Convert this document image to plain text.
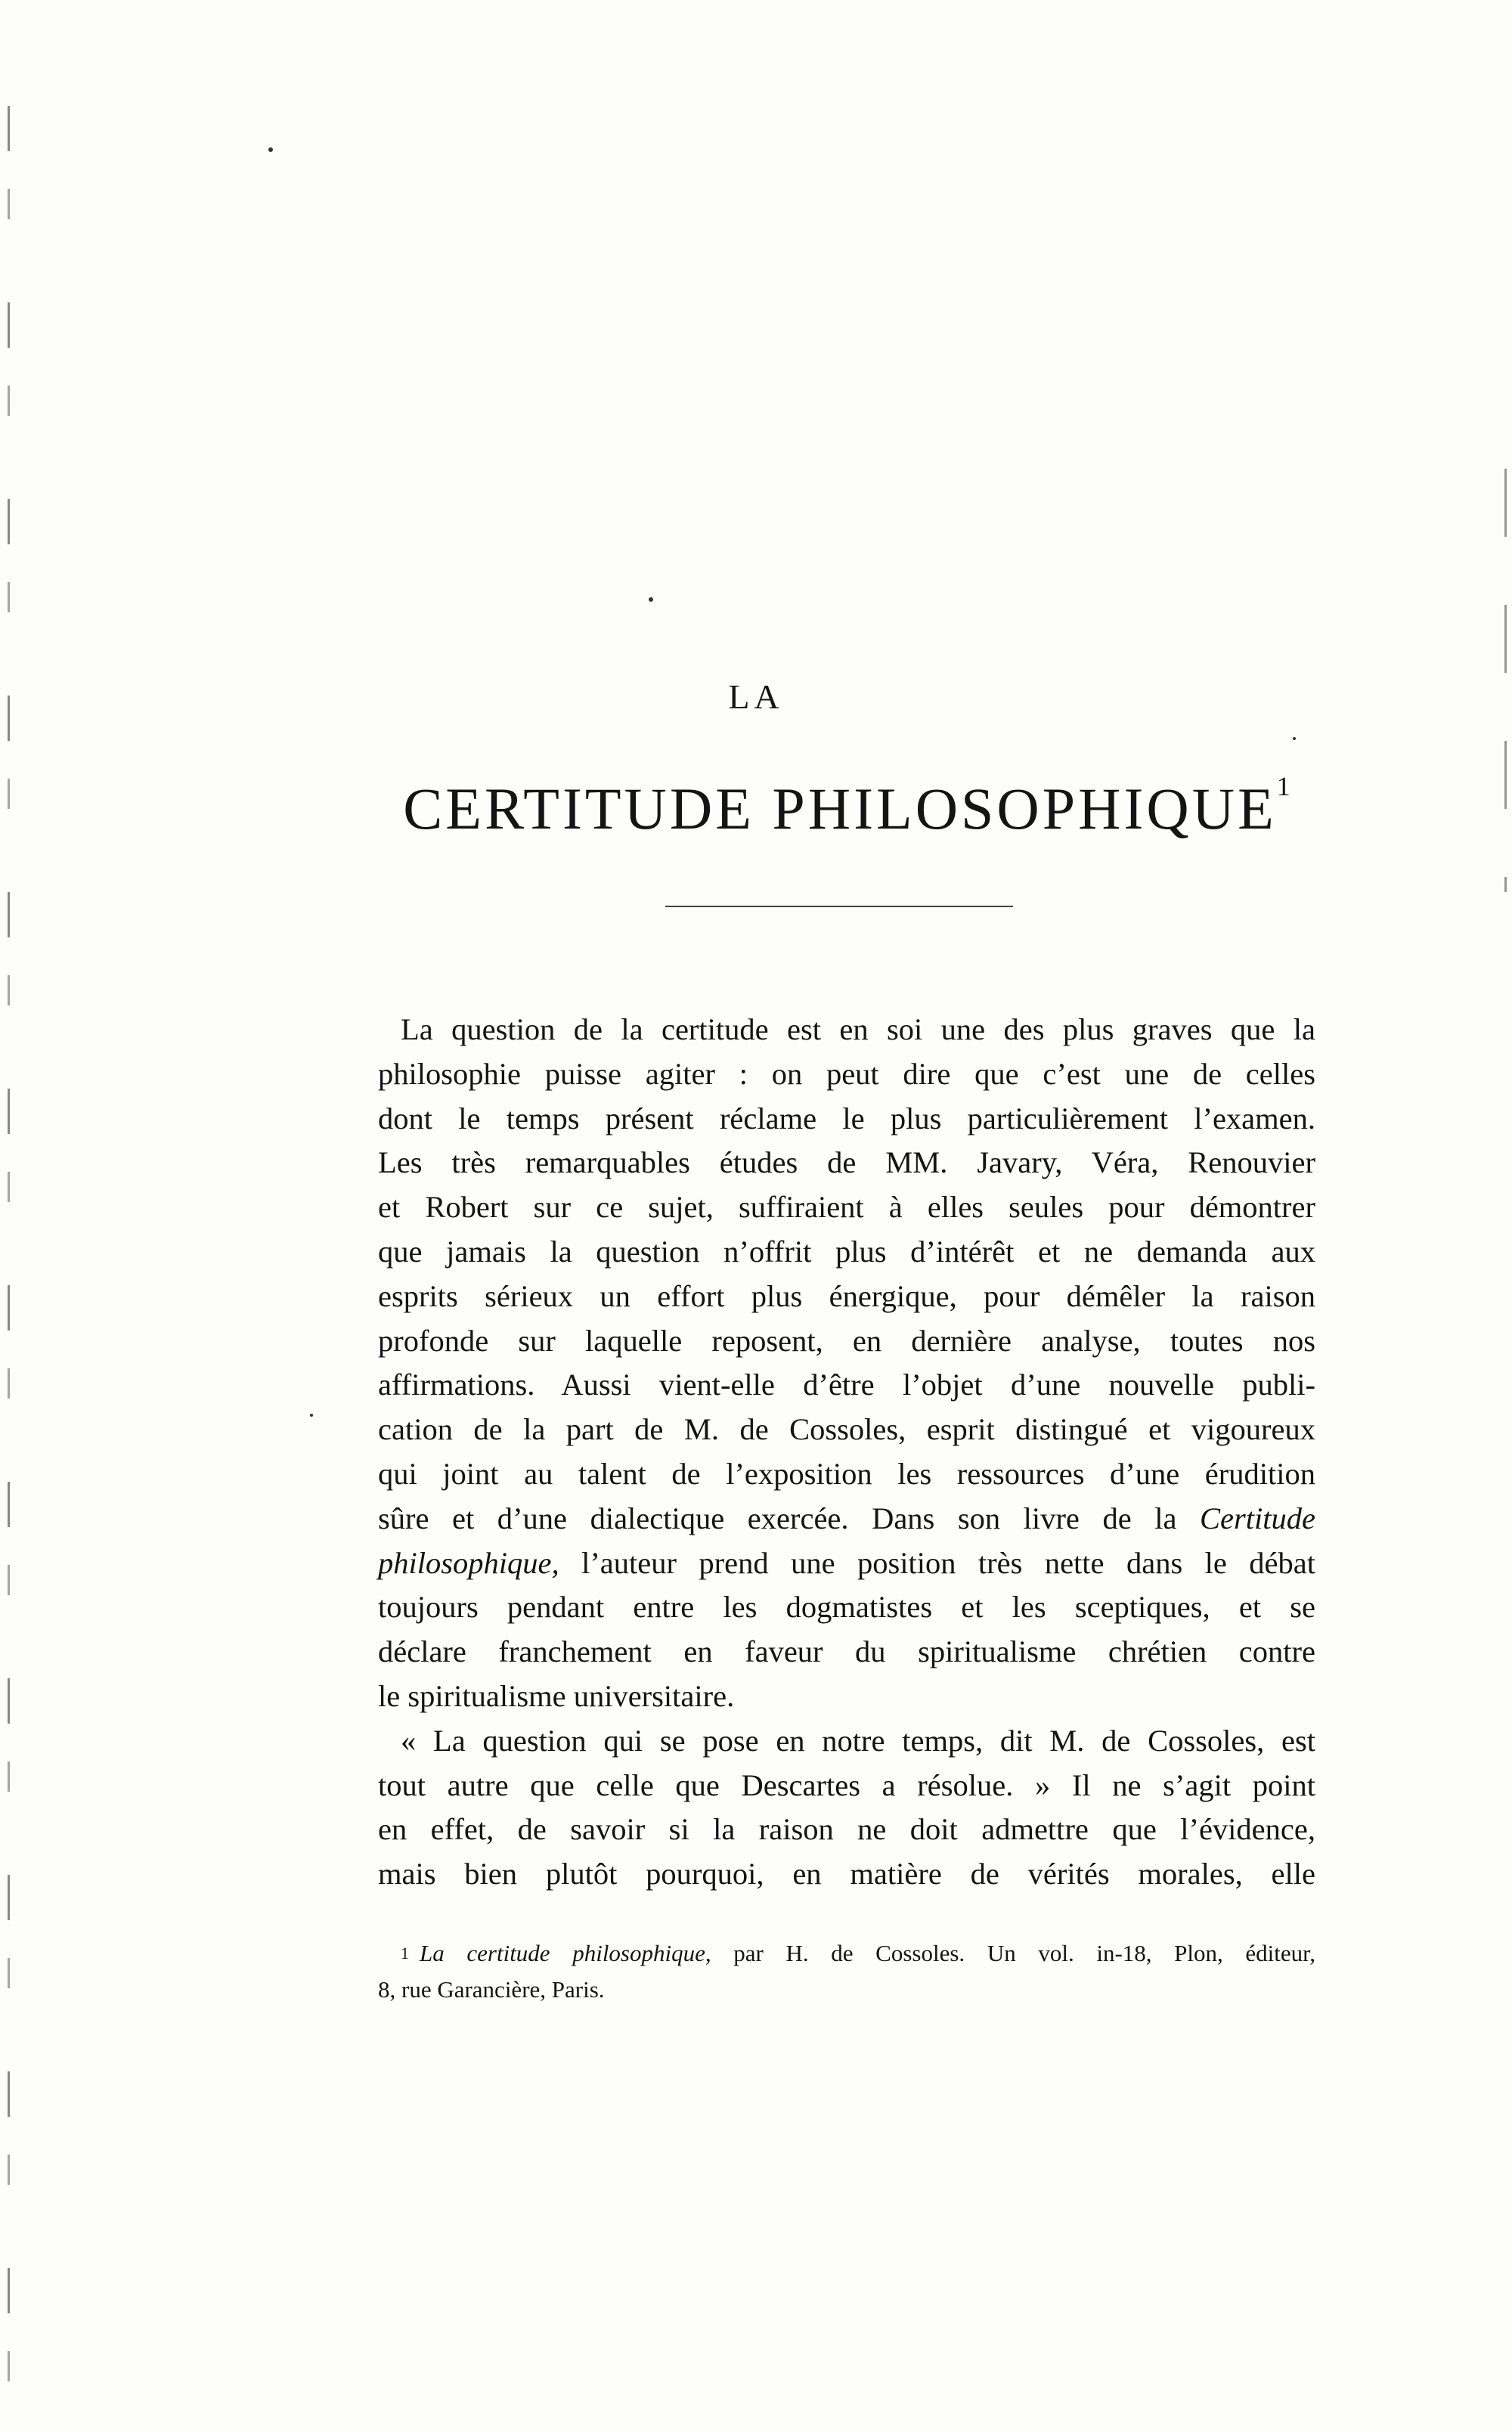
LA
CERTITUDE PHILOSOPHIQUE$^1$
La question de la certitude est en soi une des plus graves que la
philosophie puisse agiter : on peut dire que c’est une de celles
dont le temps présent réclame le plus particulièrement l’examen.
Les très remarquables études de MM. Javary, Véra, Renouvier
et Robert sur ce sujet, suffiraient à elles seules pour démontrer
que jamais la question n’offrit plus d’intérêt et ne demanda aux
esprits sérieux un effort plus énergique, pour démêler la raison
profonde sur laquelle reposent, en dernière analyse, toutes nos
affirmations. Aussi vient-elle d’être l’objet d’une nouvelle publi-
cation de la part de M. de Cossoles, esprit distingué et vigoureux
qui joint au talent de l’exposition les ressources d’une érudition
sûre et d’une dialectique exercée. Dans son livre de la Certitude
philosophique, l’auteur prend une position très nette dans le débat
toujours pendant entre les dogmatistes et les sceptiques, et se
déclare franchement en faveur du spiritualisme chrétien contre
le spiritualisme universitaire.
« La question qui se pose en notre temps, dit M. de Cossoles, est
tout autre que celle que Descartes a résolue. » Il ne s’agit point
en effet, de savoir si la raison ne doit admettre que l’évidence,
mais bien plutôt pourquoi, en matière de vérités morales, elle
$^1$ La certitude philosophique, par H. de Cossoles. Un vol. in-18, Plon, éditeur,
8, rue Garancière, Paris.
